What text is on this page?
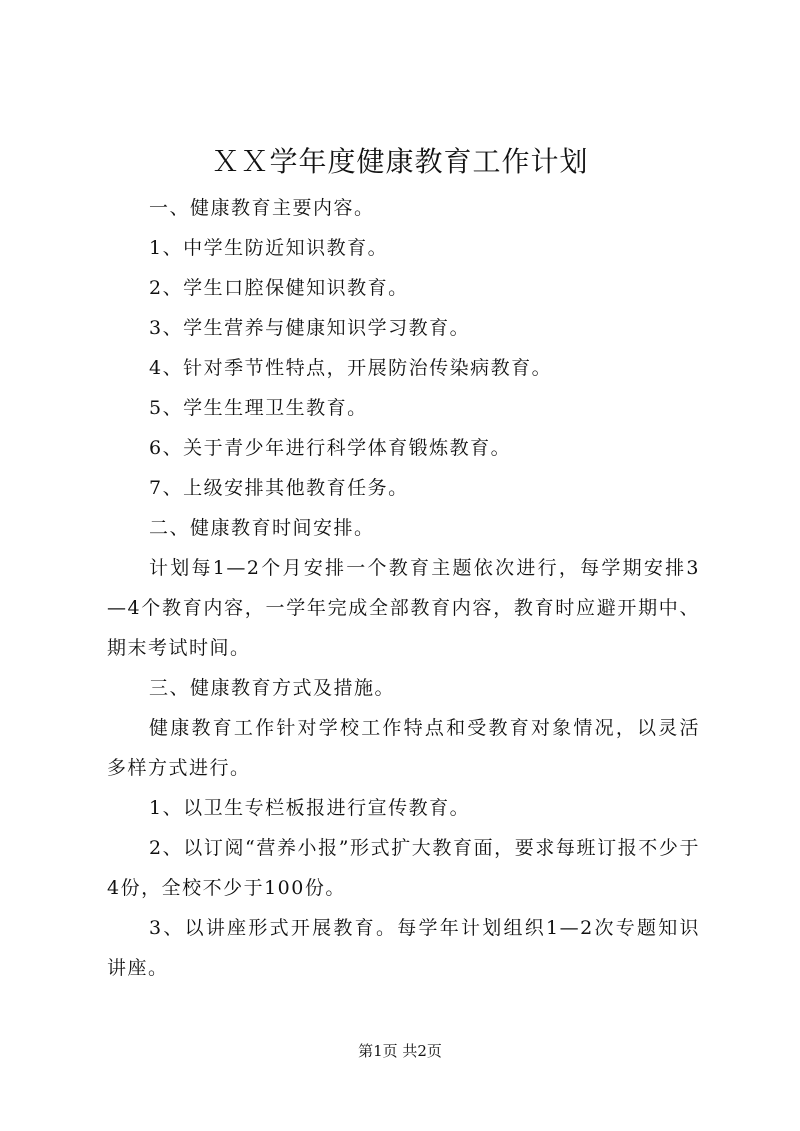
ＸＸ学年度健康教育工作计划

一、健康教育主要内容。

1、中学生防近知识教育。

2、学生口腔保健知识教育。

3、学生营养与健康知识学习教育。

4、针对季节性特点，开展防治传染病教育。

5、学生生理卫生教育。

6、关于青少年进行科学体育锻炼教育。

7、上级安排其他教育任务。

二、健康教育时间安排。

计划每1—2个月安排一个教育主题依次进行，每学期安排3—4个教育内容，一学年完成全部教育内容，教育时应避开期中、期末考试时间。

三、健康教育方式及措施。

健康教育工作针对学校工作特点和受教育对象情况，以灵活多样方式进行。

1、以卫生专栏板报进行宣传教育。

2、以订阅“营养小报”形式扩大教育面，要求每班订报不少于4份，全校不少于100份。

3、以讲座形式开展教育。每学年计划组织1—2次专题知识讲座。

第1页 共2页
